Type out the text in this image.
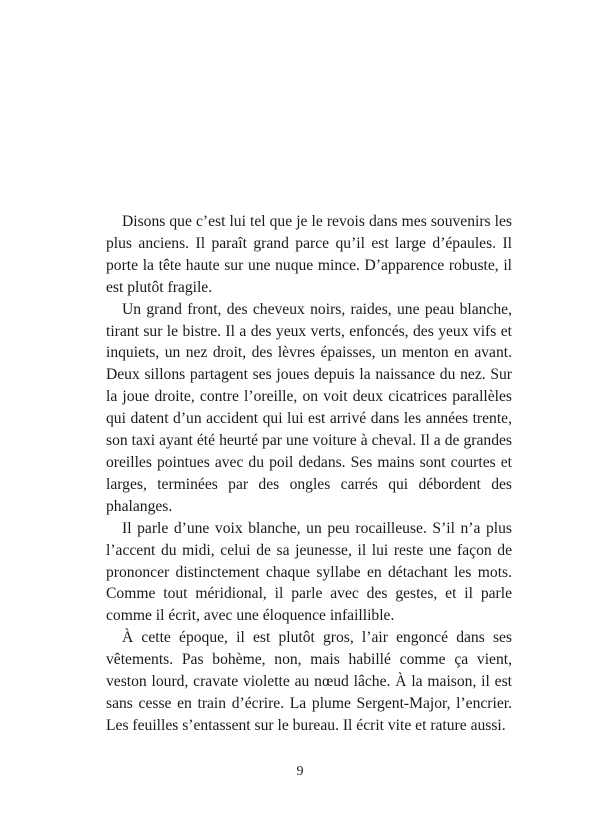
Disons que c’est lui tel que je le revois dans mes souvenirs les plus anciens. Il paraît grand parce qu’il est large d’épaules. Il porte la tête haute sur une nuque mince. D’apparence robuste, il est plutôt fragile.

Un grand front, des cheveux noirs, raides, une peau blanche, tirant sur le bistre. Il a des yeux verts, enfoncés, des yeux vifs et inquiets, un nez droit, des lèvres épaisses, un menton en avant. Deux sillons partagent ses joues depuis la naissance du nez. Sur la joue droite, contre l’oreille, on voit deux cicatrices parallèles qui datent d’un accident qui lui est arrivé dans les années trente, son taxi ayant été heurté par une voiture à cheval. Il a de grandes oreilles pointues avec du poil dedans. Ses mains sont courtes et larges, terminées par des ongles carrés qui débordent des phalanges.

Il parle d’une voix blanche, un peu rocailleuse. S’il n’a plus l’accent du midi, celui de sa jeunesse, il lui reste une façon de prononcer distinctement chaque syllabe en détachant les mots. Comme tout méridional, il parle avec des gestes, et il parle comme il écrit, avec une éloquence infaillible.

À cette époque, il est plutôt gros, l’air engoncé dans ses vêtements. Pas bohème, non, mais habillé comme ça vient, veston lourd, cravate violette au nœud lâche. À la maison, il est sans cesse en train d’écrire. La plume Sergent-Major, l’encrier. Les feuilles s’entassent sur le bureau. Il écrit vite et rature aussi.

9
